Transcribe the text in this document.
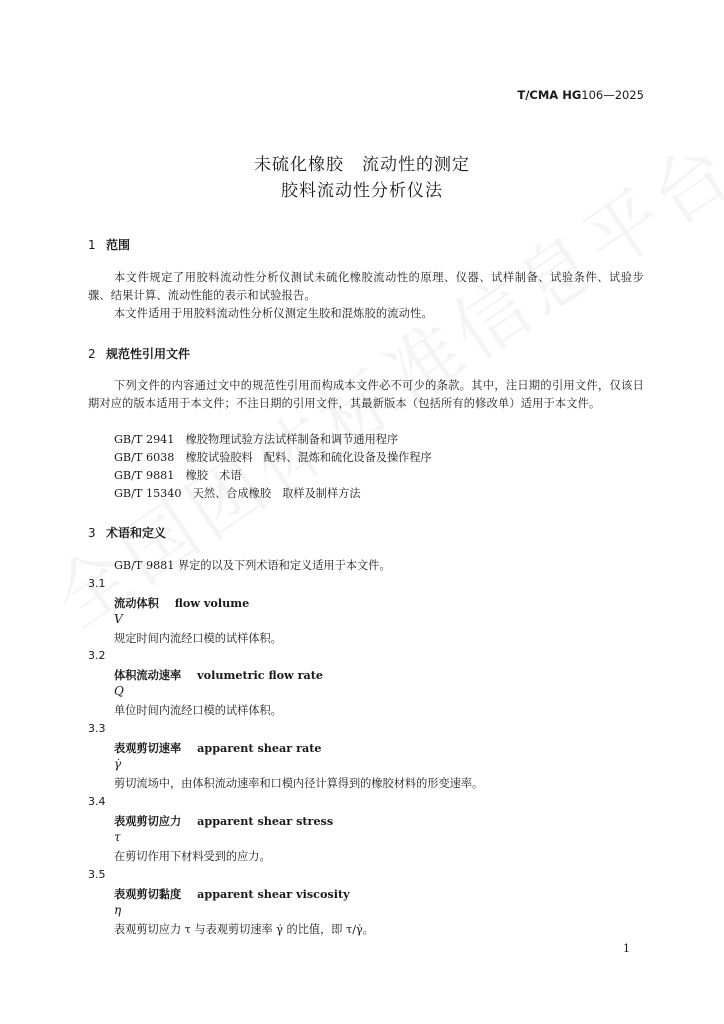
T/CMA HG106—2025
未硫化橡胶　流动性的测定
胶料流动性分析仪法
1 范围
本文件规定了用胶料流动性分析仪测试未硫化橡胶流动性的原理、仪器、试样制备、试验条件、试验步骤、结果计算、流动性能的表示和试验报告。
本文件适用于用胶料流动性分析仪测定生胶和混炼胶的流动性。
2 规范性引用文件
下列文件的内容通过文中的规范性引用而构成本文件必不可少的条款。其中，注日期的引用文件，仅该日期对应的版本适用于本文件；不注日期的引用文件，其最新版本（包括所有的修改单）适用于本文件。
GB/T 2941　橡胶物理试验方法试样制备和调节通用程序
GB/T 6038　橡胶试验胶料　配料、混炼和硫化设备及操作程序
GB/T 9881　橡胶　术语
GB/T 15340　天然、合成橡胶　取样及制样方法
3 术语和定义
GB/T 9881 界定的以及下列术语和定义适用于本文件。
3.1
流动体积 flow volume
V
规定时间内流经口模的试样体积。
3.2
体积流动速率 volumetric flow rate
Q
单位时间内流经口模的试样体积。
3.3
表观剪切速率 apparent shear rate
γ̇
剪切流场中，由体积流动速率和口模内径计算得到的橡胶材料的形变速率。
3.4
表观剪切应力 apparent shear stress
τ
在剪切作用下材料受到的应力。
3.5
表观剪切黏度 apparent shear viscosity
η
表观剪切应力 τ 与表观剪切速率 γ̇ 的比值，即 τ/γ̇。
1
